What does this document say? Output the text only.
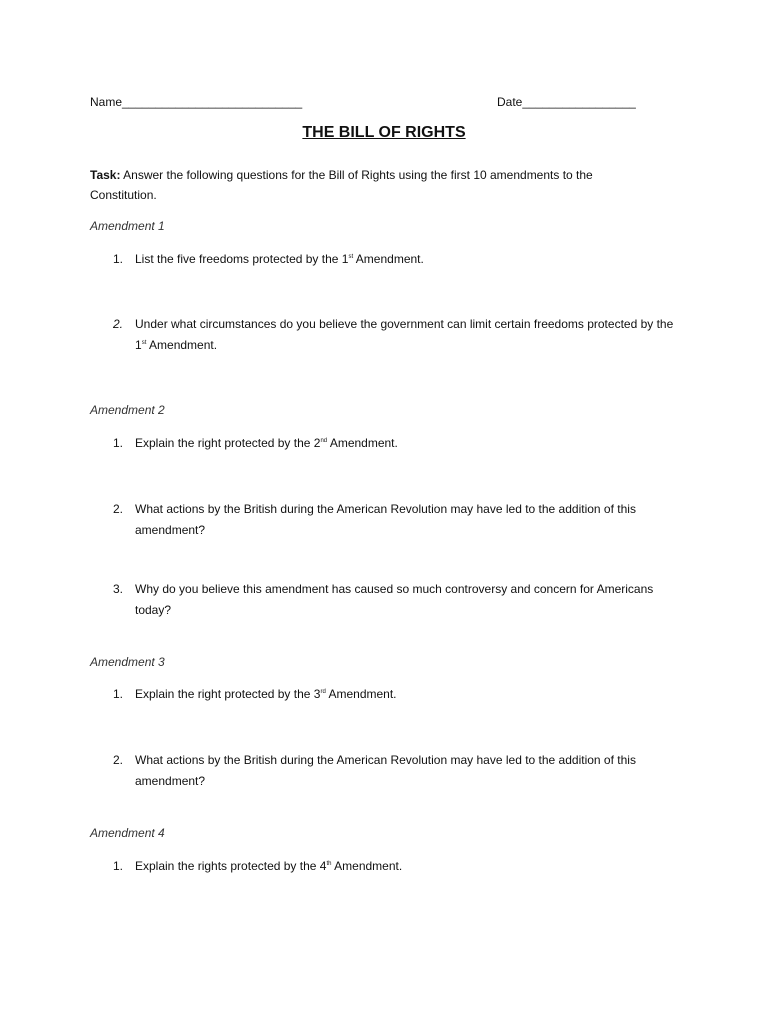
Name___________________________	Date_________________
THE BILL OF RIGHTS
Task: Answer the following questions for the Bill of Rights using the first 10 amendments to the Constitution.
Amendment 1
1. List the five freedoms protected by the 1st Amendment.
2. Under what circumstances do you believe the government can limit certain freedoms protected by the 1st Amendment.
Amendment 2
1. Explain the right protected by the 2nd Amendment.
2. What actions by the British during the American Revolution may have led to the addition of this amendment?
3. Why do you believe this amendment has caused so much controversy and concern for Americans today?
Amendment 3
1. Explain the right protected by the 3rd Amendment.
2. What actions by the British during the American Revolution may have led to the addition of this amendment?
Amendment 4
1. Explain the rights protected by the 4th Amendment.
